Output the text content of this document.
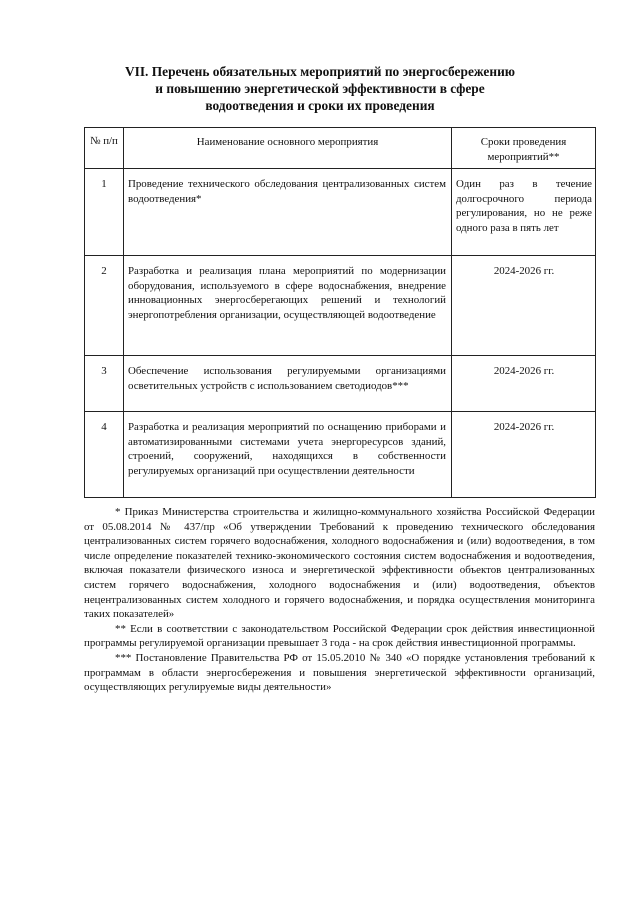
VII. Перечень обязательных мероприятий по энергосбережению
и повышению энергетической эффективности в сфере
водоотведения и сроки их проведения
№ п/п	Наименование основного мероприятия	Сроки проведения мероприятий**
1	Проведение технического обследования централизованных систем водоотведения*	Один раз в течение долгосрочного периода регулирования, но не реже одного раза в пять лет
2	Разработка и реализация плана мероприятий по модернизации оборудования, используемого в сфере водоснабжения, внедрение инновационных энергосберегающих решений и технологий энергопотребления организации, осуществляющей водоотведение	2024-2026 гг.
3	Обеспечение использования регулируемыми организациями осветительных устройств с использованием светодиодов***	2024-2026 гг.
4	Разработка и реализация мероприятий по оснащению приборами и автоматизированными системами учета энергоресурсов зданий, строений, сооружений, находящихся в собственности регулируемых организаций при осуществлении деятельности	2024-2026 гг.

* Приказ Министерства строительства и жилищно-коммунального хозяйства Российской Федерации от 05.08.2014 № 437/пр «Об утверждении Требований к проведению технического обследования централизованных систем горячего водоснабжения, холодного водоснабжения и (или) водоотведения, в том числе определение показателей технико-экономического состояния систем водоснабжения и водоотведения, включая показатели физического износа и энергетической эффективности объектов централизованных систем горячего водоснабжения, холодного водоснабжения и (или) водоотведения, объектов нецентрализованных систем холодного и горячего водоснабжения, и порядка осуществления мониторинга таких показателей»

** Если в соответствии с законодательством Российской Федерации срок действия инвестиционной программы регулируемой организации превышает 3 года - на срок действия инвестиционной программы.

*** Постановление Правительства РФ от 15.05.2010 № 340 «О порядке установления требований к программам в области энергосбережения и повышения энергетической эффективности организаций, осуществляющих регулируемые виды деятельности»
